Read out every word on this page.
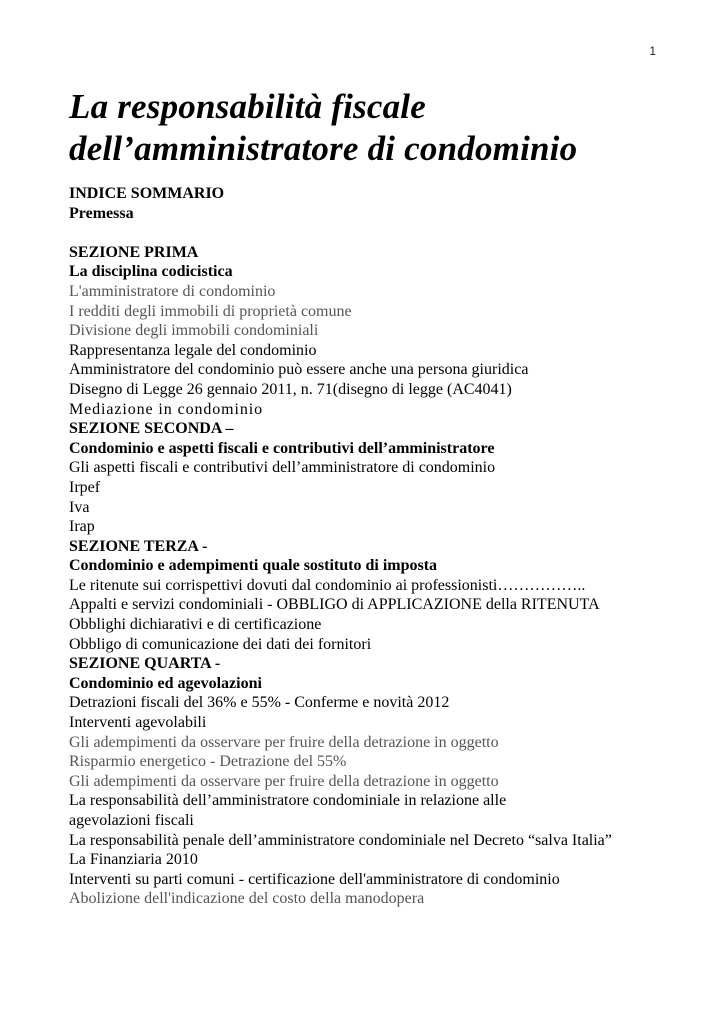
1
La responsabilità fiscale
dell’amministratore di condominio
INDICE SOMMARIO
Premessa
SEZIONE PRIMA
La disciplina codicistica
L'amministratore di condominio
I redditi degli immobili di proprietà comune
Divisione degli immobili condominiali
Rappresentanza legale del condominio
Amministratore del condominio può essere anche una persona giuridica
Disegno di Legge 26 gennaio 2011, n. 71(disegno di legge (AC4041)
Mediazione in condominio
SEZIONE SECONDA –
Condominio e aspetti fiscali e contributivi dell’amministratore
Gli aspetti fiscali e contributivi dell’amministratore di condominio
Irpef
Iva
Irap
SEZIONE TERZA -
Condominio e adempimenti quale sostituto di imposta
Le ritenute sui corrispettivi dovuti dal condominio ai professionisti……………..
Appalti e servizi condominiali - OBBLIGO di APPLICAZIONE della RITENUTA
Obblighi dichiarativi e di certificazione
Obbligo di comunicazione dei dati dei fornitori
SEZIONE QUARTA -
Condominio ed agevolazioni
Detrazioni fiscali del 36% e 55% - Conferme e novità 2012
Interventi agevolabili
Gli adempimenti da osservare per fruire della detrazione in oggetto
Risparmio energetico - Detrazione del 55%
Gli adempimenti da osservare per fruire della detrazione in oggetto
La responsabilità dell’amministratore condominiale in relazione alle
agevolazioni fiscali
La responsabilità penale dell’amministratore condominiale nel Decreto “salva Italia”
La Finanziaria 2010
Interventi su parti comuni - certificazione dell'amministratore di condominio
Abolizione dell'indicazione del costo della manodopera
